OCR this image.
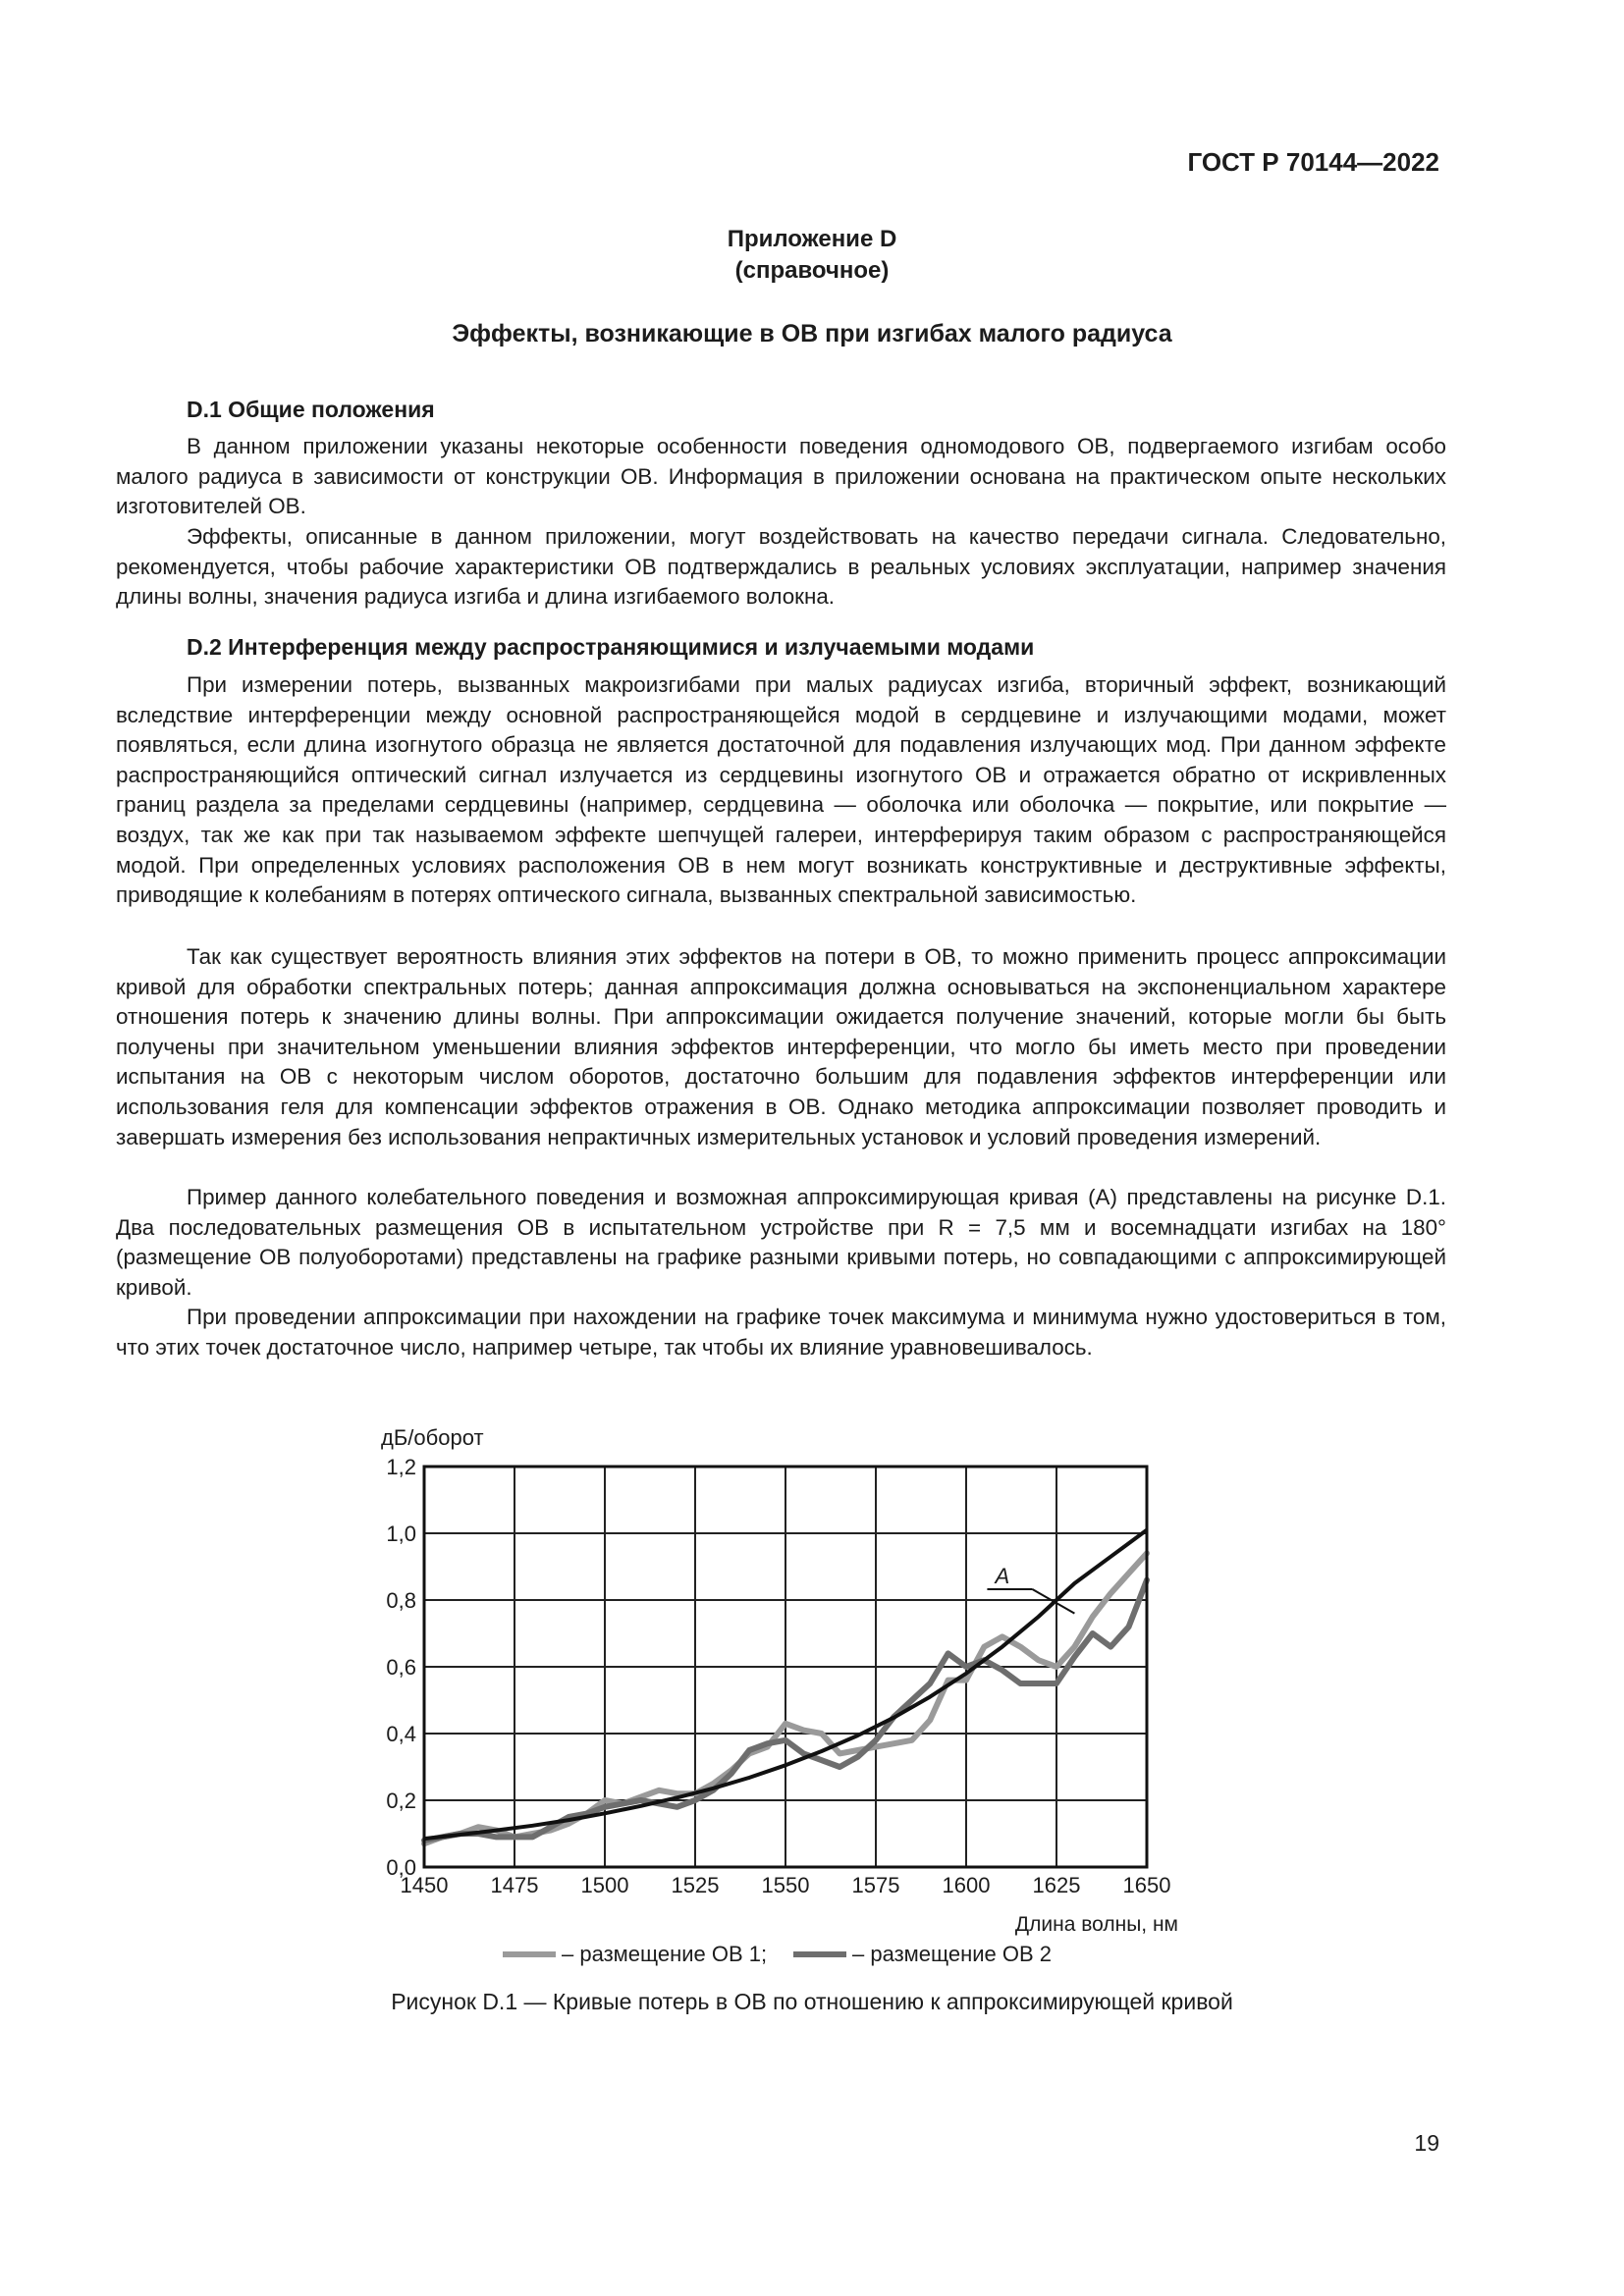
ГОСТ Р 70144—2022
Приложение D
(справочное)
Эффекты, возникающие в ОВ при изгибах малого радиуса
D.1 Общие положения

В данном приложении указаны некоторые особенности поведения одномодового ОВ, подвергаемого изгибам особо малого радиуса в зависимости от конструкции ОВ. Информация в приложении основана на практическом опыте нескольких изготовителей ОВ.

Эффекты, описанные в данном приложении, могут воздействовать на качество передачи сигнала. Следовательно, рекомендуется, чтобы рабочие характеристики ОВ подтверждались в реальных условиях эксплуатации, например значения длины волны, значения радиуса изгиба и длина изгибаемого волокна.

D.2 Интерференция между распространяющимися и излучаемыми модами

При измерении потерь, вызванных макроизгибами при малых радиусах изгиба, вторичный эффект, возникающий вследствие интерференции между основной распространяющейся модой в сердцевине и излучающими модами, может появляться, если длина изогнутого образца не является достаточной для подавления излучающих мод. При данном эффекте распространяющийся оптический сигнал излучается из сердцевины изогнутого ОВ и отражается обратно от искривленных границ раздела за пределами сердцевины (например, сердцевина — оболочка или оболочка — покрытие, или покрытие — воздух, так же как при так называемом эффекте шепчущей галереи, интерферируя таким образом с распространяющейся модой. При определенных условиях расположения ОВ в нем могут возникать конструктивные и деструктивные эффекты, приводящие к колебаниям в потерях оптического сигнала, вызванных спектральной зависимостью.

Так как существует вероятность влияния этих эффектов на потери в ОВ, то можно применить процесс аппроксимации кривой для обработки спектральных потерь; данная аппроксимация должна основываться на экспоненциальном характере отношения потерь к значению длины волны. При аппроксимации ожидается получение значений, которые могли бы быть получены при значительном уменьшении влияния эффектов интерференции, что могло бы иметь место при проведении испытания на ОВ с некоторым числом оборотов, достаточно большим для подавления эффектов интерференции или использования геля для компенсации эффектов отражения в ОВ. Однако методика аппроксимации позволяет проводить и завершать измерения без использования непрактичных измерительных установок и условий проведения измерений.

Пример данного колебательного поведения и возможная аппроксимирующая кривая (А) представлены на рисунке D.1. Два последовательных размещения ОВ в испытательном устройстве при R = 7,5 мм и восемнадцати изгибах на 180° (размещение ОВ полуоборотами) представлены на графике разными кривыми потерь, но совпадающими с аппроксимирующей кривой.

При проведении аппроксимации при нахождении на графике точек максимума и минимума нужно удостовериться в том, что этих точек достаточное число, например четыре, так чтобы их влияние уравновешивалось.

дБ/оборот
0,0
0,2
0,4
0,6
0,8
1,0
1,2
1450 1475 1500 1525 1550 1575 1600 1625 1650
A
Длина волны, нм
– размещение ОВ 1;	– размещение ОВ 2
Рисунок D.1 — Кривые потерь в ОВ по отношению к аппроксимирующей кривой
19
